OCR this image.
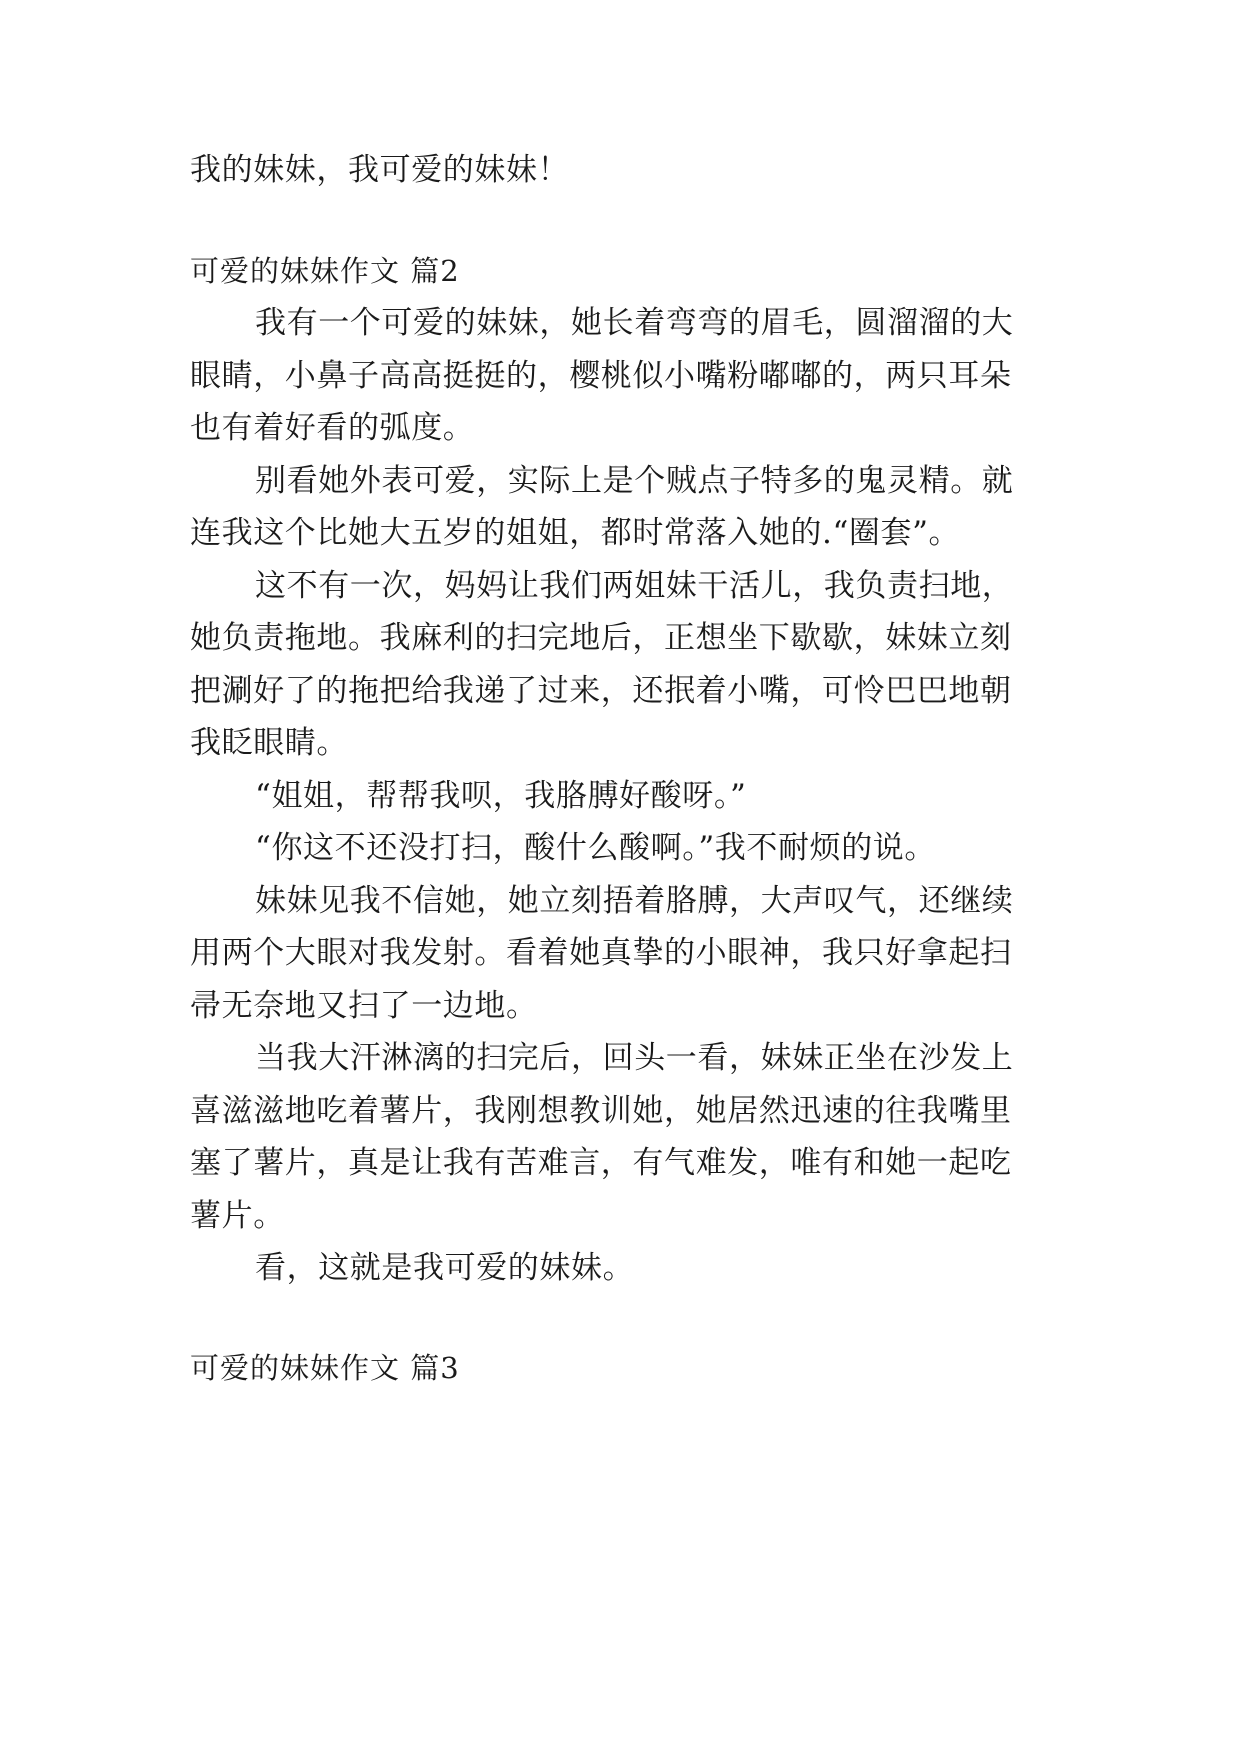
我的妹妹，我可爱的妹妹！
可爱的妹妹作文 篇2
我有一个可爱的妹妹，她长着弯弯的眉毛，圆溜溜的大
眼睛，小鼻子高高挺挺的，樱桃似小嘴粉嘟嘟的，两只耳朵
也有着好看的弧度。
别看她外表可爱，实际上是个贼点子特多的鬼灵精。就
连我这个比她大五岁的姐姐，都时常落入她的.“圈套”。
这不有一次，妈妈让我们两姐妹干活儿，我负责扫地，
她负责拖地。我麻利的扫完地后，正想坐下歇歇，妹妹立刻
把涮好了的拖把给我递了过来，还抿着小嘴，可怜巴巴地朝
我眨眼睛。
“姐姐，帮帮我呗，我胳膊好酸呀。”
“你这不还没打扫，酸什么酸啊。”我不耐烦的说。
妹妹见我不信她，她立刻捂着胳膊，大声叹气，还继续
用两个大眼对我发射。看着她真挚的小眼神，我只好拿起扫
帚无奈地又扫了一边地。
当我大汗淋漓的扫完后，回头一看，妹妹正坐在沙发上
喜滋滋地吃着薯片，我刚想教训她，她居然迅速的往我嘴里
塞了薯片，真是让我有苦难言，有气难发，唯有和她一起吃
薯片。
看，这就是我可爱的妹妹。
可爱的妹妹作文 篇3
